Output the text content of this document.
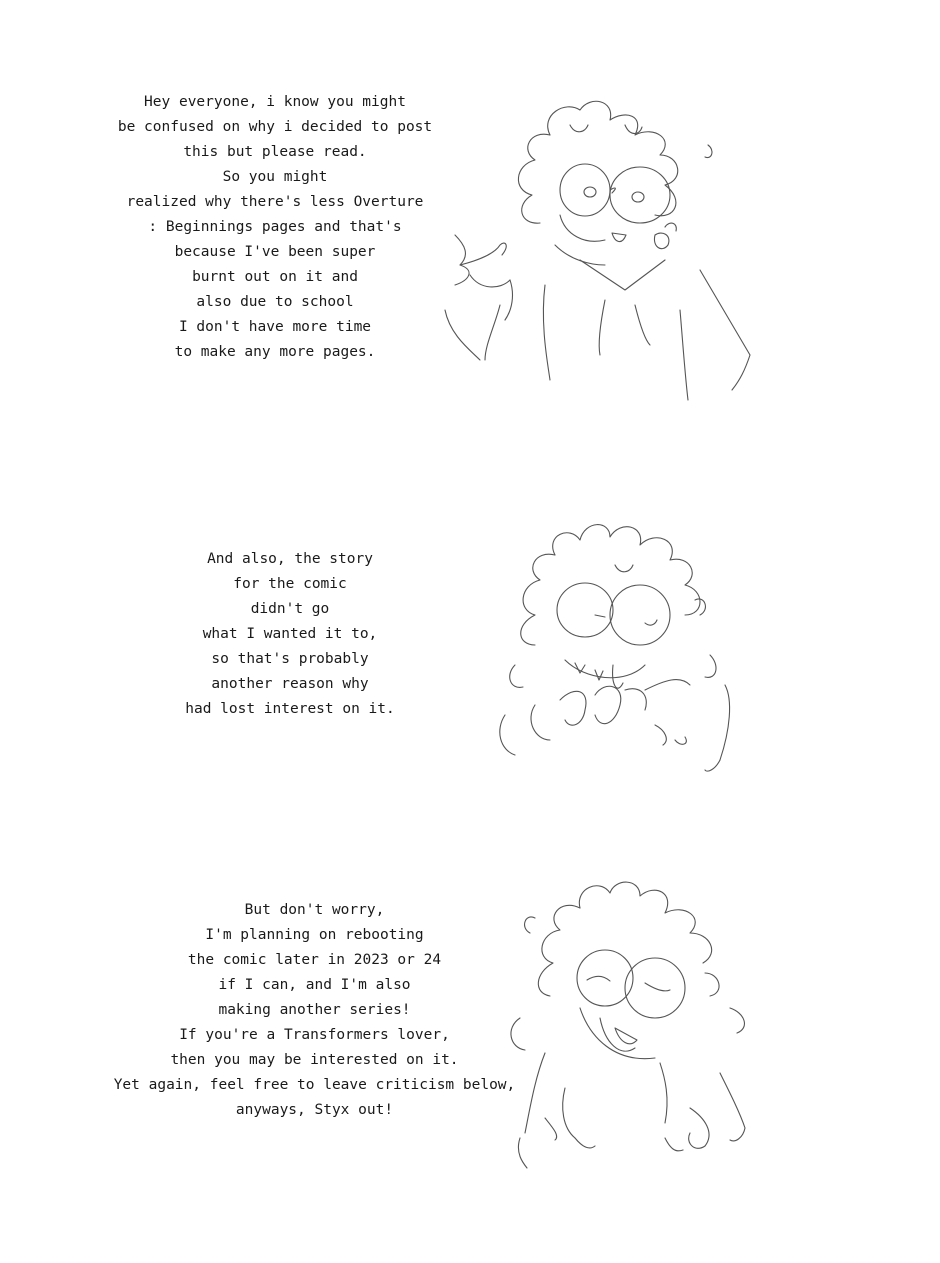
Hey everyone, i know you might
be confused on why i decided to post
this but please read.
So you might
realized why there's less Overture
: Beginnings pages and that's
because I've been super
burnt out on it and
also due to school
I don't have more time
to make any more pages.
And also, the story
for the comic
didn't go
what I wanted it to,
so that's probably
another reason why
had lost interest on it.
But don't worry,
I'm planning on rebooting
the comic later in 2023 or 24
if I can, and I'm also
making another series!
If you're a Transformers lover,
then you may be interested on it.
Yet again, feel free to leave criticism below,
anyways, Styx out!
